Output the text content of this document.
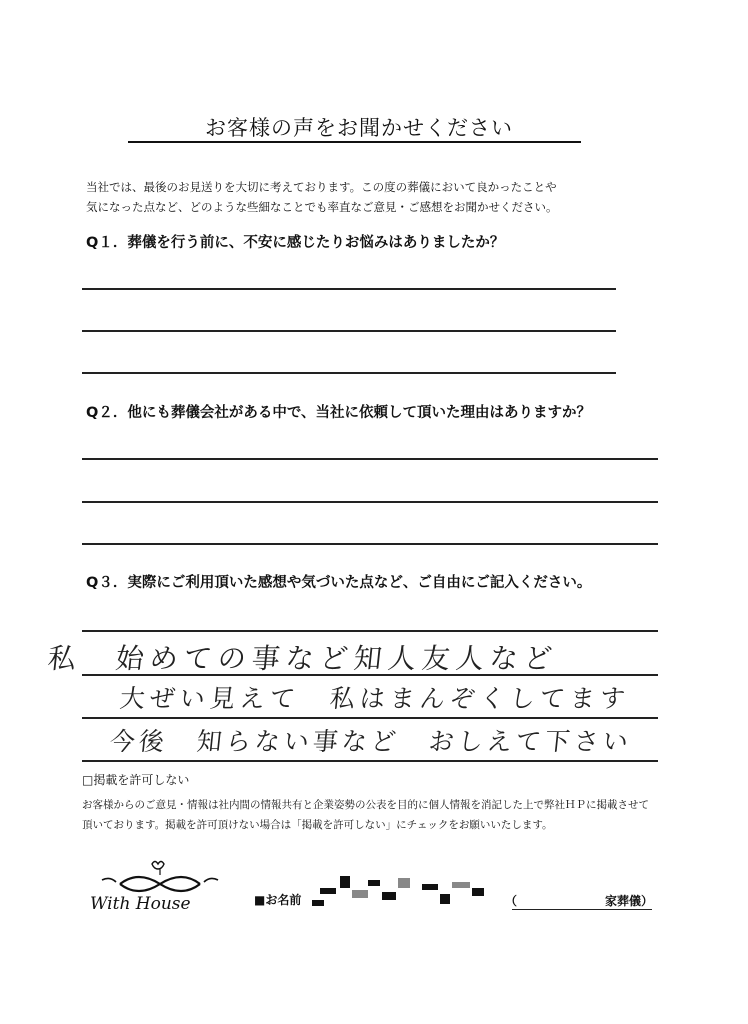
お客様の声をお聞かせください
当社では、最後のお見送りを大切に考えております。この度の葬儀において良かったことや
気になった点など、どのような些細なことでも率直なご意見・ご感想をお聞かせください。
Q１．葬儀を行う前に、不安に感じたりお悩みはありましたか？
Q２．他にも葬儀会社がある中で、当社に依頼して頂いた理由はありますか？
Q３．実際にご利用頂いた感想や気づいた点など、ご自由にご記入ください。
私　始めての事など知人友人など
大ぜい見えて　私はまんぞくしてます
今後　知らない事など　おしえて下さい
□掲載を許可しない
お客様からのご意見・情報は社内間の情報共有と企業姿勢の公表を目的に個人情報を消記した上で弊社ＨＰに掲載させて
頂いております。掲載を許可頂けない場合は「掲載を許可しない」にチェックをお願いいたします。
With House	■お名前	（	家葬儀）
